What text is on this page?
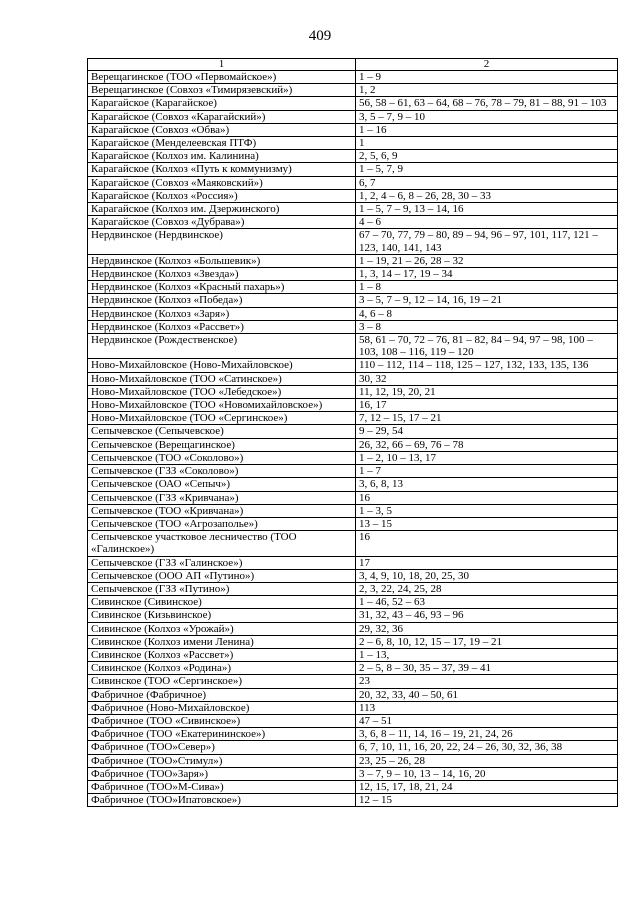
409
1	2
Верещагинское (ТОО «Первомайское»)	1 – 9
Верещагинское (Совхоз «Тимирязевский»)	1, 2
Карагайское (Карагайское)	56, 58 – 61, 63 – 64, 68 – 76, 78 – 79, 81 – 88, 91 – 103
Карагайское (Совхоз «Карагайский»)	3, 5 – 7, 9 – 10
Карагайское (Совхоз «Обва»)	1 – 16
Карагайское (Менделеевская ПТФ)	1
Карагайское (Колхоз им. Калинина)	2, 5, 6, 9
Карагайское (Колхоз «Путь к коммунизму)	1 – 5, 7, 9
Карагайское (Совхоз «Маяковский»)	6, 7
Карагайское (Колхоз «Россия»)	1, 2, 4 – 6, 8 – 26, 28, 30 – 33
Карагайское (Колхоз им. Дзержинского)	1 – 5, 7 – 9, 13 – 14, 16
Карагайское (Совхоз «Дубрава»)	4 – 6
Нердвинское (Нердвинское)	67 – 70, 77, 79 – 80, 89 – 94, 96 – 97, 101, 117, 121 – 123, 140, 141, 143
Нердвинское (Колхоз «Большевик»)	1 – 19, 21 – 26, 28 – 32
Нердвинское (Колхоз «Звезда»)	1, 3, 14 – 17, 19 – 34
Нердвинское (Колхоз «Красный пахарь»)	1 – 8
Нердвинское (Колхоз «Победа»)	3 – 5, 7 – 9, 12 – 14, 16, 19 – 21
Нердвинское (Колхоз «Заря»)	4, 6 – 8
Нердвинское (Колхоз «Рассвет»)	3 – 8
Нердвинское (Рождественское)	58, 61 – 70, 72 – 76, 81 – 82, 84 – 94, 97 – 98, 100 – 103, 108 – 116, 119 – 120
Ново-Михайловское (Ново-Михайловское)	110 – 112, 114 – 118, 125 – 127, 132, 133, 135, 136
Ново-Михайловское (ТОО «Сатинское»)	30, 32
Ново-Михайловское (ТОО «Лебедское»)	11, 12, 19, 20, 21
Ново-Михайловское (ТОО «Новомихайловское»)	16, 17
Ново-Михайловское (ТОО «Сергинское»)	7, 12 – 15, 17 – 21
Сепычевское (Сепычевское)	9 – 29, 54
Сепычевское (Верещагинское)	26, 32, 66 – 69, 76 – 78
Сепычевское (ТОО «Соколово»)	1 – 2, 10 – 13, 17
Сепычевское (ГЗЗ «Соколово»)	1 – 7
Сепычевское (ОАО «Сепыч»)	3, 6, 8, 13
Сепычевское (ГЗЗ «Кривчана»)	16
Сепычевское (ТОО «Кривчана»)	1 – 3, 5
Сепычевское (ТОО «Агрозаполье»)	13 – 15
Сепычевское участковое лесничество (ТОО «Галинское»)	16
Сепычевское (ГЗЗ «Галинское»)	17
Сепычевское (ООО АП «Путино»)	3, 4, 9, 10, 18, 20, 25, 30
Сепычевское (ГЗЗ «Путино»)	2, 3, 22, 24, 25, 28
Сивинское (Сивинское)	1 – 46, 52 – 63
Сивинское (Кизьвинское)	31, 32, 43 – 46, 93 – 96
Сивинское (Колхоз «Урожай»)	29, 32, 36
Сивинское (Колхоз имени Ленина)	2 – 6, 8, 10, 12, 15 – 17, 19 – 21
Сивинское (Колхоз «Рассвет»)	1 – 13,
Сивинское (Колхоз «Родина»)	2 – 5, 8 – 30, 35 – 37, 39 – 41
Сивинское (ТОО «Сергинское»)	23
Фабричное (Фабричное)	20, 32, 33, 40 – 50, 61
Фабричное (Ново-Михайловское)	113
Фабричное (ТОО «Сивинское»)	47 – 51
Фабричное (ТОО «Екатерининское»)	3, 6, 8 – 11, 14, 16 – 19, 21, 24, 26
Фабричное (ТОО»Север»)	6, 7, 10, 11, 16, 20, 22, 24 – 26, 30, 32, 36, 38
Фабричное (ТОО»Стимул»)	23, 25 – 26, 28
Фабричное (ТОО»Заря»)	3 – 7, 9 – 10, 13 – 14, 16, 20
Фабричное (ТОО»М-Сива»)	12, 15, 17, 18, 21, 24
Фабричное (ТОО»Ипатовское»)	12 – 15
